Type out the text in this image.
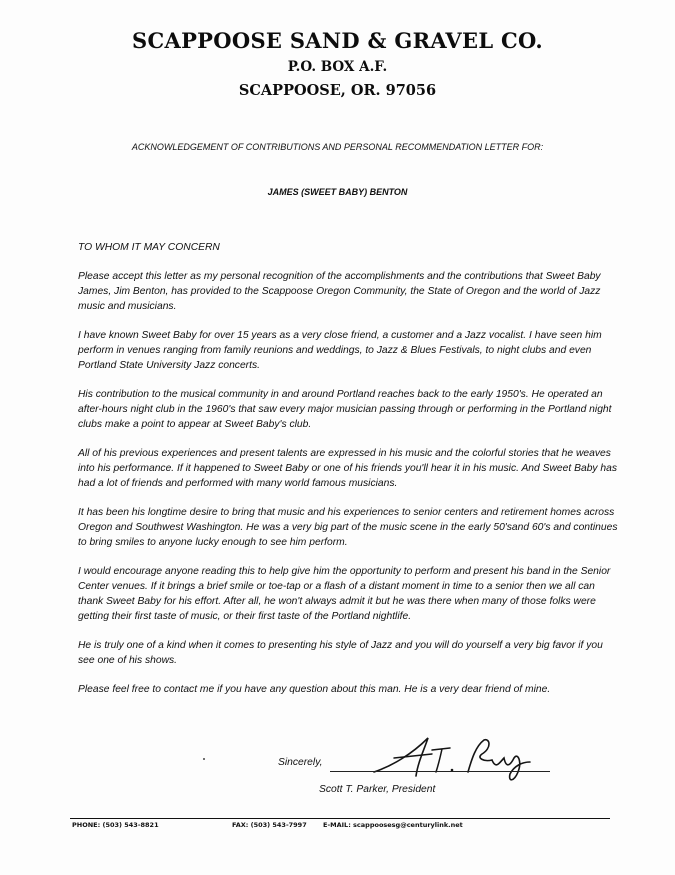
SCAPPOOSE SAND & GRAVEL CO.
P.O. BOX A.F.
SCAPPOOSE, OR. 97056
ACKNOWLEDGEMENT OF CONTRIBUTIONS AND PERSONAL RECOMMENDATION LETTER FOR:
JAMES (SWEET BABY) BENTON

TO WHOM IT MAY CONCERN

Please accept this letter as my personal recognition of the accomplishments and the contributions that Sweet Baby James, Jim Benton, has provided to the Scappoose Oregon Community, the State of Oregon and the world of Jazz music and musicians.

I have known Sweet Baby for over 15 years as a very close friend, a customer and a Jazz vocalist. I have seen him perform in venues ranging from family reunions and weddings, to Jazz & Blues Festivals, to night clubs and even Portland State University Jazz concerts.

His contribution to the musical community in and around Portland reaches back to the early 1950's. He operated an after-hours night club in the 1960's that saw every major musician passing through or performing in the Portland night clubs make a point to appear at Sweet Baby's club.

All of his previous experiences and present talents are expressed in his music and the colorful stories that he weaves into his performance. If it happened to Sweet Baby or one of his friends you'll hear it in his music. And Sweet Baby has had a lot of friends and performed with many world famous musicians.

It has been his longtime desire to bring that music and his experiences to senior centers and retirement homes across Oregon and Southwest Washington. He was a very big part of the music scene in the early 50'sand 60's and continues to bring smiles to anyone lucky enough to see him perform.

I would encourage anyone reading this to help give him the opportunity to perform and present his band in the Senior Center venues. If it brings a brief smile or toe-tap or a flash of a distant moment in time to a senior then we all can thank Sweet Baby for his effort. After all, he won't always admit it but he was there when many of those folks were getting their first taste of music, or their first taste of the Portland nightlife.

He is truly one of a kind when it comes to presenting his style of Jazz and you will do yourself a very big favor if you see one of his shows.

Please feel free to contact me if you have any question about this man. He is a very dear friend of mine.

Sincerely,
Scott T. Parker, President
PHONE: (503) 543-8821	FAX: (503) 543-7997	E-MAIL: scappoosesg@centurylink.net
